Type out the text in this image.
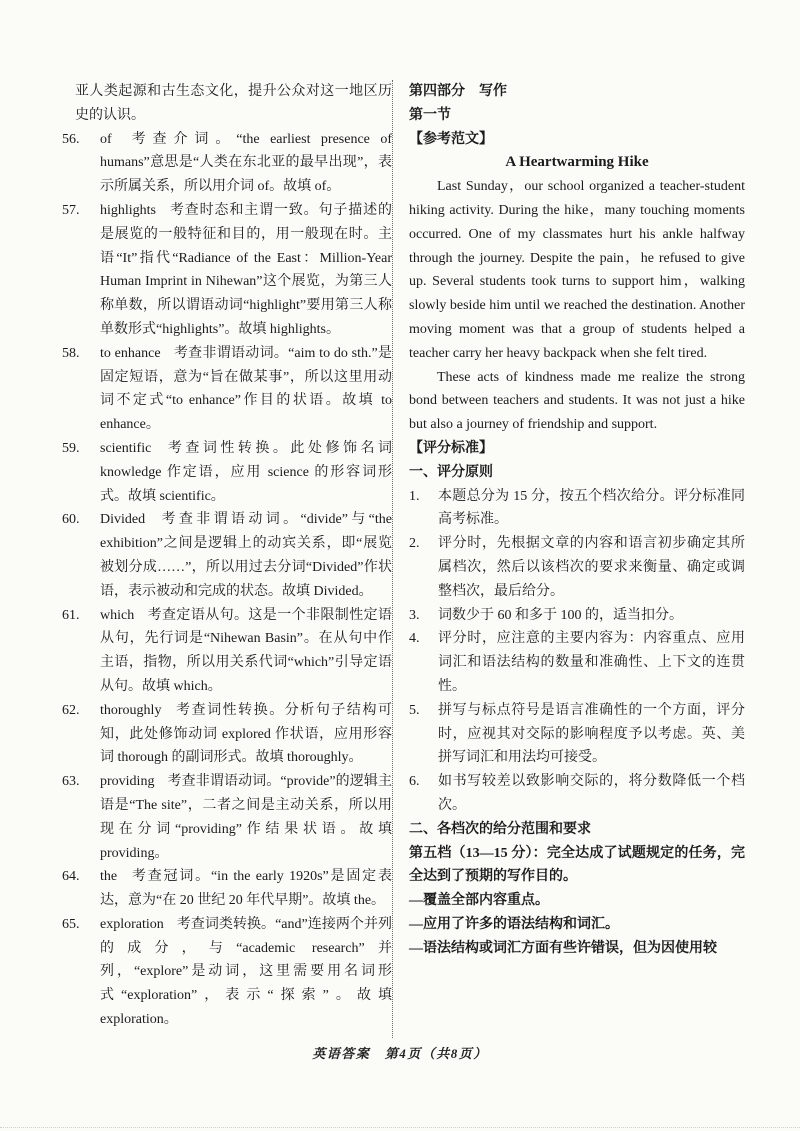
亚人类起源和古生态文化，提升公众对这一地区历史的认识。

56.	of 考查介词。“the earliest presence of humans”意思是“人类在东北亚的最早出现”，表示所属关系，所以用介词 of。故填 of。

57.	highlights 考查时态和主谓一致。句子描述的是展览的一般特征和目的，用一般现在时。主语“It”指代“Radiance of the East：Million-Year Human Imprint in Nihewan”这个展览，为第三人称单数，所以谓语动词“highlight”要用第三人称单数形式“highlights”。故填 highlights。

58.	to enhance 考查非谓语动词。“aim to do sth.”是固定短语，意为“旨在做某事”，所以这里用动词不定式“to enhance”作目的状语。故填 to enhance。

59.	scientific 考查词性转换。此处修饰名词 knowledge 作定语，应用 science 的形容词形式。故填 scientific。

60.	Divided 考查非谓语动词。“divide”与“the exhibition”之间是逻辑上的动宾关系，即“展览被划分成……”，所以用过去分词“Divided”作状语，表示被动和完成的状态。故填 Divided。

61.	which 考查定语从句。这是一个非限制性定语从句，先行词是“Nihewan Basin”。在从句中作主语，指物，所以用关系代词“which”引导定语从句。故填 which。

62.	thoroughly 考查词性转换。分析句子结构可知，此处修饰动词 explored 作状语，应用形容词 thorough 的副词形式。故填 thoroughly。

63.	providing 考查非谓语动词。“provide”的逻辑主语是“The site”，二者之间是主动关系，所以用现在分词“providing”作结果状语。故填 providing。

64.	the 考查冠词。“in the early 1920s”是固定表达，意为“在 20 世纪 20 年代早期”。故填 the。

65.	exploration 考查词类转换。“and”连接两个并列的成分，与“academic research”并列，“explore”是动词，这里需要用名词形式“exploration”，表示“探索”。故填 exploration。

第四部分　写作

第一节

【参考范文】

A Heartwarming Hike

Last Sunday，our school organized a teacher-student hiking activity. During the hike，many touching moments occurred. One of my classmates hurt his ankle halfway through the journey. Despite the pain，he refused to give up. Several students took turns to support him，walking slowly beside him until we reached the destination. Another moving moment was that a group of students helped a teacher carry her heavy backpack when she felt tired.

These acts of kindness made me realize the strong bond between teachers and students. It was not just a hike but also a journey of friendship and support.

【评分标准】

一、评分原则

1.	本题总分为 15 分，按五个档次给分。评分标准同高考标准。

2.	评分时，先根据文章的内容和语言初步确定其所属档次，然后以该档次的要求来衡量、确定或调整档次，最后给分。

3.	词数少于 60 和多于 100 的，适当扣分。

4.	评分时，应注意的主要内容为：内容重点、应用词汇和语法结构的数量和准确性、上下文的连贯性。

5.	拼写与标点符号是语言准确性的一个方面，评分时，应视其对交际的影响程度予以考虑。英、美拼写词汇和用法均可接受。

6.	如书写较差以致影响交际的，将分数降低一个档次。

二、各档次的给分范围和要求

第五档（13—15 分）：完全达成了试题规定的任务，完全达到了预期的写作目的。

—覆盖全部内容重点。

—应用了许多的语法结构和词汇。

—语法结构或词汇方面有些许错误，但为因使用较

英语答案　第4页（共8页）
